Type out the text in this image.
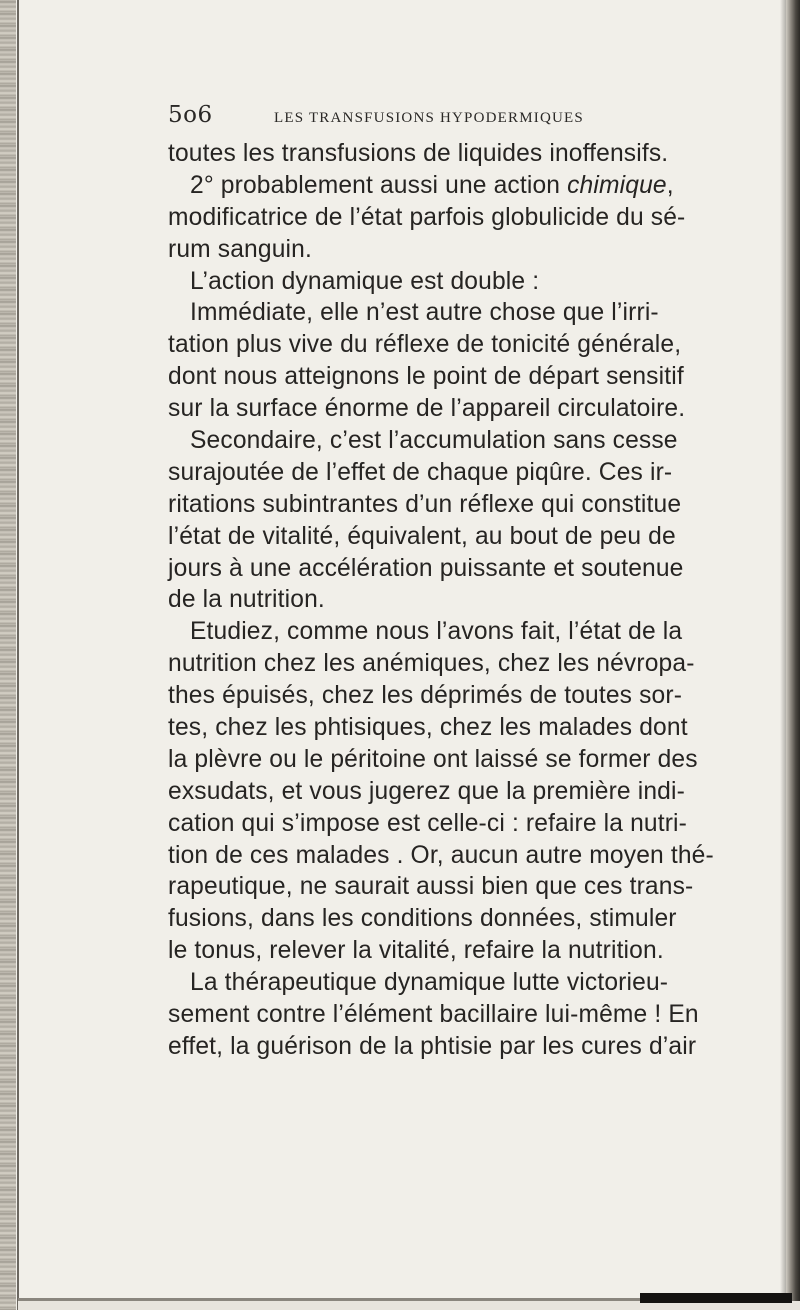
5o6	LES TRANSFUSIONS HYPODERMIQUES
toutes les transfusions de liquides inoffensifs.
2° probablement aussi une action chimique,
modificatrice de l’état parfois globulicide du sé-
rum sanguin.
L’action dynamique est double :
Immédiate, elle n’est autre chose que l’irri-
tation plus vive du réflexe de tonicité générale,
dont nous atteignons le point de départ sensitif
sur la surface énorme de l’appareil circulatoire.
Secondaire, c’est l’accumulation sans cesse
surajoutée de l’effet de chaque piqûre. Ces ir-
ritations subintrantes d’un réflexe qui constitue
l’état de vitalité, équivalent, au bout de peu de
jours à une accélération puissante et soutenue
de la nutrition.
Etudiez, comme nous l’avons fait, l’état de la
nutrition chez les anémiques, chez les névropa-
thes épuisés, chez les déprimés de toutes sor-
tes, chez les phtisiques, chez les malades dont
la plèvre ou le péritoine ont laissé se former des
exsudats, et vous jugerez que la première indi-
cation qui s’impose est celle-ci : refaire la nutri-
tion de ces malades . Or, aucun autre moyen thé-
rapeutique, ne saurait aussi bien que ces trans-
fusions, dans les conditions données, stimuler
le tonus, relever la vitalité, refaire la nutrition.
La thérapeutique dynamique lutte victorieu-
sement contre l’élément bacillaire lui-même ! En
effet, la guérison de la phtisie par les cures d’air
